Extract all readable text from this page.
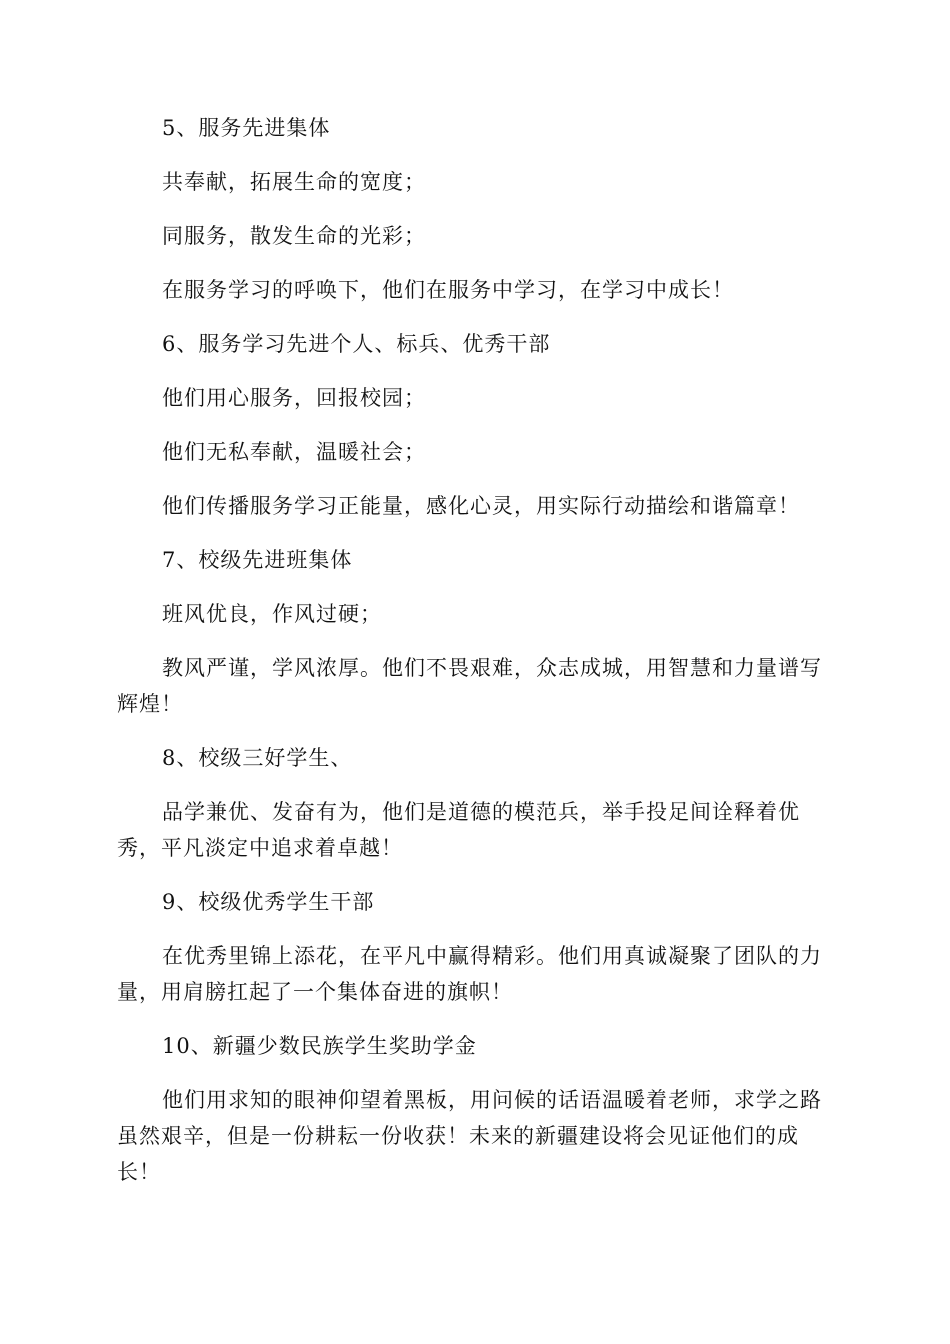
5、服务先进集体

共奉献，拓展生命的宽度；

同服务，散发生命的光彩；

在服务学习的呼唤下，他们在服务中学习，在学习中成长！

6、服务学习先进个人、标兵、优秀干部

他们用心服务，回报校园；

他们无私奉献，温暖社会；

他们传播服务学习正能量，感化心灵，用实际行动描绘和谐篇章！

7、校级先进班集体

班风优良，作风过硬；

教风严谨，学风浓厚。他们不畏艰难，众志成城，用智慧和力量谱写辉煌！

8、校级三好学生、

品学兼优、发奋有为，他们是道德的模范兵，举手投足间诠释着优秀，平凡淡定中追求着卓越！

9、校级优秀学生干部

在优秀里锦上添花，在平凡中赢得精彩。他们用真诚凝聚了团队的力量，用肩膀扛起了一个集体奋进的旗帜！

10、新疆少数民族学生奖助学金

他们用求知的眼神仰望着黑板，用问候的话语温暖着老师，求学之路虽然艰辛，但是一份耕耘一份收获！未来的新疆建设将会见证他们的成长！
